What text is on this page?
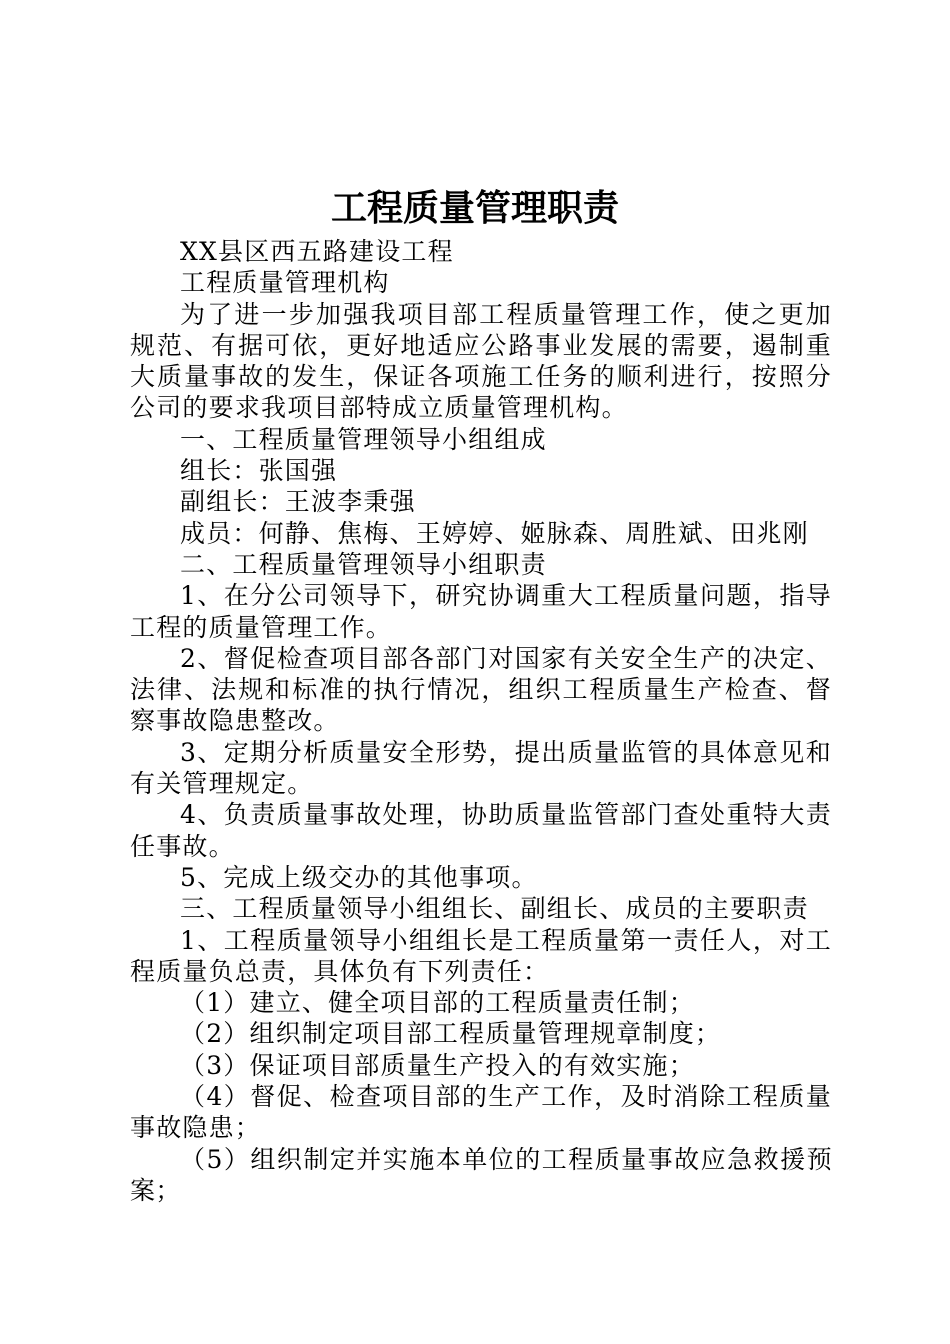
工程质量管理职责

XX县区西五路建设工程

工程质量管理机构

为了进一步加强我项目部工程质量管理工作，使之更加规范、有据可依，更好地适应公路事业发展的需要，遏制重大质量事故的发生，保证各项施工任务的顺利进行，按照分公司的要求我项目部特成立质量管理机构。

一、工程质量管理领导小组组成

组长：张国强

副组长：王波李秉强

成员：何静、焦梅、王婷婷、姬脉森、周胜斌、田兆刚

二、工程质量管理领导小组职责

1、在分公司领导下，研究协调重大工程质量问题，指导工程的质量管理工作。

2、督促检查项目部各部门对国家有关安全生产的决定、法律、法规和标准的执行情况，组织工程质量生产检查、督察事故隐患整改。

3、定期分析质量安全形势，提出质量监管的具体意见和有关管理规定。

4、负责质量事故处理，协助质量监管部门查处重特大责任事故。

5、完成上级交办的其他事项。

三、工程质量领导小组组长、副组长、成员的主要职责

1、工程质量领导小组组长是工程质量第一责任人，对工程质量负总责，具体负有下列责任：

（1）建立、健全项目部的工程质量责任制；

（2）组织制定项目部工程质量管理规章制度；

（3）保证项目部质量生产投入的有效实施；

（4）督促、检查项目部的生产工作，及时消除工程质量事故隐患；

（5）组织制定并实施本单位的工程质量事故应急救援预案；
